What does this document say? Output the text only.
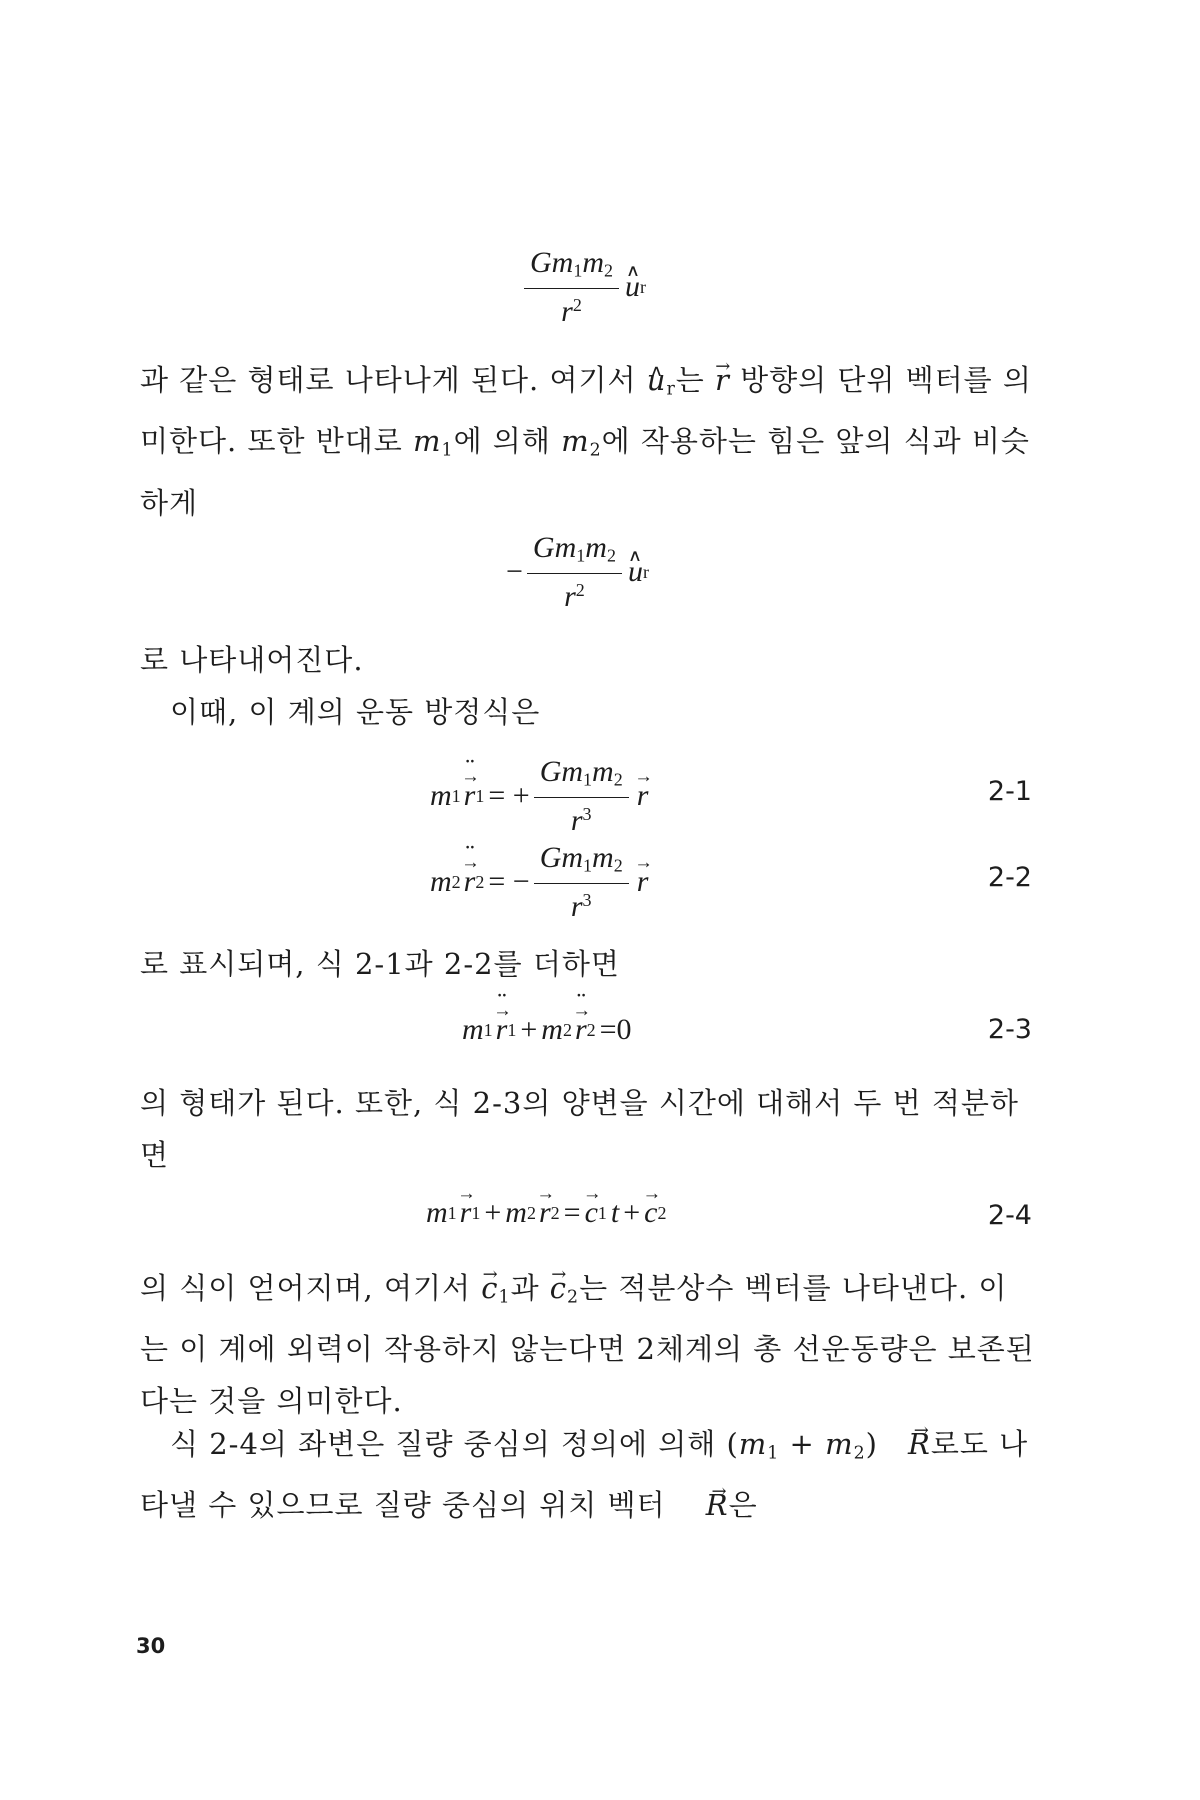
$\frac{Gm_1m_2}{r^2}$
∧ u r

과 같은 형태로 나타나게 된다. 여기서 ∧ $u_r$는 → r 방향의 단위 벡터를 의미한다. 또한 반대로 $m_1$에 의해 $m_2$에 작용하는 힘은 앞의 식과 비슷하게

− $\frac{Gm_1m_2}{r^2}$
∧ u r

로 나타내어진다.

이때, 이 계의 운동 방정식은

m 1
→ r ¨ 1 = + $\frac{Gm_1m_2}{r^3}$
→ r	2-1
m 2
→ r ¨ 2 = − $\frac{Gm_1m_2}{r^3}$
→ r	2-2

로 표시되며, 식 2-1과 2-2를 더하면

m 1
→ r ¨ 1 + m 2
→ r ¨ 2 =0	2-3

의 형태가 된다. 또한, 식 2-3의 양변을 시간에 대해서 두 번 적분하면

m 1
→ r 1 + m 2
→ r 2 =
→ c 1 t +
→ c 2	2-4

의 식이 얻어지며, 여기서 → $c_1$과 → $c_2$는 적분상수 벡터를 나타낸다. 이는 이 계에 외력이 작용하지 않는다면 2체계의 총 선운동량은 보존된다는 것을 의미한다.

식 2-4의 좌변은 질량 중심의 정의에 의해 $(m_1 + m_2)\to R$로도 나타낼 수 있으므로 질량 중심의 위치 벡터 → R은

30
